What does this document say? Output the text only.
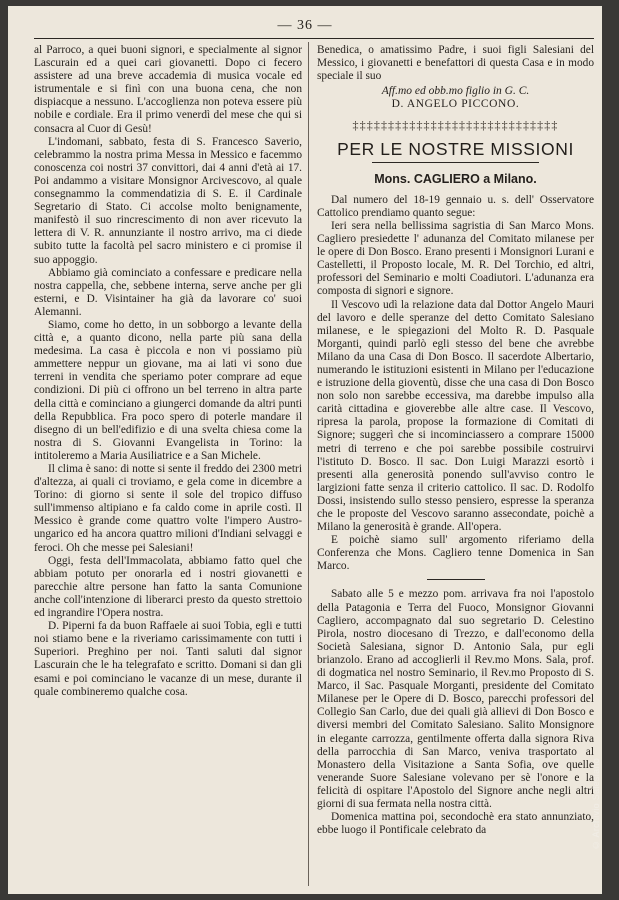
— 36 —

al Parroco, a quei buoni signori, e specialmente al signor Lascurain ed a quei cari giovanetti. Dopo ci fecero assistere ad una breve accademia di musica vocale ed istrumentale e si finì con una buona cena, che non dispiacque a nessuno. L'accoglienza non poteva essere più nobile e cordiale. Era il primo venerdì del mese che qui si consacra al Cuor di Gesù!

L'indomani, sabbato, festa di S. Francesco Saverio, celebrammo la nostra prima Messa in Messico e facemmo conoscenza coi nostri 37 convittori, dai 4 anni d'età ai 17. Poi andammo a visitare Monsignor Arcivescovo, al quale consegnammo la commendatizia di S. E. il Cardinale Segretario di Stato. Ci accolse molto benignamente, manifestò il suo rincrescimento di non aver ricevuto la lettera di V. R. annunziante il nostro arrivo, ma ci diede subito tutte la facoltà pel sacro ministero e ci promise il suo appoggio.

Abbiamo già cominciato a confessare e predicare nella nostra cappella, che, sebbene interna, serve anche per gli esterni, e D. Visintainer ha già da lavorare co' suoi Alemanni.

Siamo, come ho detto, in un sobborgo a levante della città e, a quanto dicono, nella parte più sana della medesima. La casa è piccola e non vi possiamo più ammettere neppur un giovane, ma ai lati vi sono due terreni in vendita che speriamo poter comprare ad eque condizioni. Di più ci offrono un bel terreno in altra parte della città e cominciano a giungerci domande da altri punti della Repubblica. Fra poco spero di poterle mandare il disegno di un bell'edifizio e di una svelta chiesa come la nostra di S. Giovanni Evangelista in Torino: la intitoleremo a Maria Ausiliatrice e a San Michele.

Il clima è sano: di notte si sente il freddo dei 2300 metri d'altezza, ai quali ci troviamo, e gela come in dicembre a Torino: di giorno si sente il sole del tropico diffuso sull'immenso altipiano e fa caldo come in aprile costì. Il Messico è grande come quattro volte l'impero Austro-ungarico ed ha ancora quattro milioni d'Indiani selvaggi e feroci. Oh che messe pei Salesiani!

Oggi, festa dell'Immacolata, abbiamo fatto quel che abbiam potuto per onorarla ed i nostri giovanetti e parecchie altre persone han fatto la santa Comunione anche coll'intenzione di liberarci presto da questo strettoio ed ingrandire l'Opera nostra.

D. Piperni fa da buon Raffaele ai suoi Tobia, egli e tutti noi stiamo bene e la riveriamo carissimamente con tutti i Superiori. Preghino per noi. Tanti saluti dal signor Lascurain che le ha telegrafato e scritto. Domani si dan gli esami e poi cominciano le vacanze di un mese, durante il quale combineremo qualche cosa.

Benedica, o amatissimo Padre, i suoi figli Salesiani del Messico, i giovanetti e benefattori di questa Casa e in modo speciale il suo

Aff.mo ed obb.mo figlio in G. C.
D. ANGELO PICCONO.
‡‡‡‡‡‡‡‡‡‡‡‡‡‡‡‡‡‡‡‡‡‡‡‡‡‡‡‡‡
PER LE NOSTRE MISSIONI
Mons. CAGLIERO a Milano.

Dal numero del 18-19 gennaio u. s. dell' Osservatore Cattolico prendiamo quanto segue:

Ieri sera nella bellissima sagristia di San Marco Mons. Cagliero presiedette l' adunanza del Comitato milanese per le opere di Don Bosco. Erano presenti i Monsignori Lurani e Castelletti, il Proposto locale, M. R. Del Torchio, ed altri, professori del Seminario e molti Coadiutori. L'adunanza era composta di signori e signore.

Il Vescovo udì la relazione data dal Dottor Angelo Mauri del lavoro e delle speranze del detto Comitato Salesiano milanese, e le spiegazioni del Molto R. D. Pasquale Morganti, quindi parlò egli stesso del bene che avrebbe Milano da una Casa di Don Bosco. Il sacerdote Albertario, numerando le istituzioni esistenti in Milano per l'educazione e istruzione della gioventù, disse che una casa di Don Bosco non solo non sarebbe eccessiva, ma darebbe impulso alla carità cittadina e gioverebbe alle altre case. Il Vescovo, ripresa la parola, propose la formazione di Comitati di Signore; suggerì che si incominciassero a comprare 15000 metri di terreno e che poi sarebbe possibile costruirvi l'istituto D. Bosco. Il sac. Don Luigi Marazzi esortò i presenti alla generosità ponendo sull'avviso contro le largizioni fatte senza il criterio cattolico. Il sac. D. Rodolfo Dossi, insistendo sullo stesso pensiero, espresse la speranza che le proposte del Vescovo saranno assecondate, poichè a Milano la generosità è grande. All'opera.

E poichè siamo sull' argomento riferiamo della Conferenza che Mons. Cagliero tenne Domenica in San Marco.

Sabato alle 5 e mezzo pom. arrivava fra noi l'apostolo della Patagonia e Terra del Fuoco, Monsignor Giovanni Cagliero, accompagnato dal suo segretario D. Celestino Pirola, nostro diocesano di Trezzo, e dall'economo della Società Salesiana, signor D. Antonio Sala, pur egli brianzolo. Erano ad accoglierli il Rev.mo Mons. Sala, prof. di dogmatica nel nostro Seminario, il Rev.mo Proposto di S. Marco, il Sac. Pasquale Morganti, presidente del Comitato Milanese per le Opere di D. Bosco, parecchi professori del Collegio San Carlo, due dei quali già allievi di Don Bosco e diversi membri del Comitato Salesiano. Salito Monsignore in elegante carrozza, gentilmente offerta dalla signora Riva della parrocchia di San Marco, veniva trasportato al Monastero della Visitazione a Santa Sofia, ove quelle venerande Suore Salesiane volevano per sè l'onore e la felicità di ospitare l'Apostolo del Signore anche negli altri giorni di sua fermata nella nostra città.

Domenica mattina poi, secondochè era stato annunziato, ebbe luogo il Pontificale celebrato da	© Archivio Salesiano
